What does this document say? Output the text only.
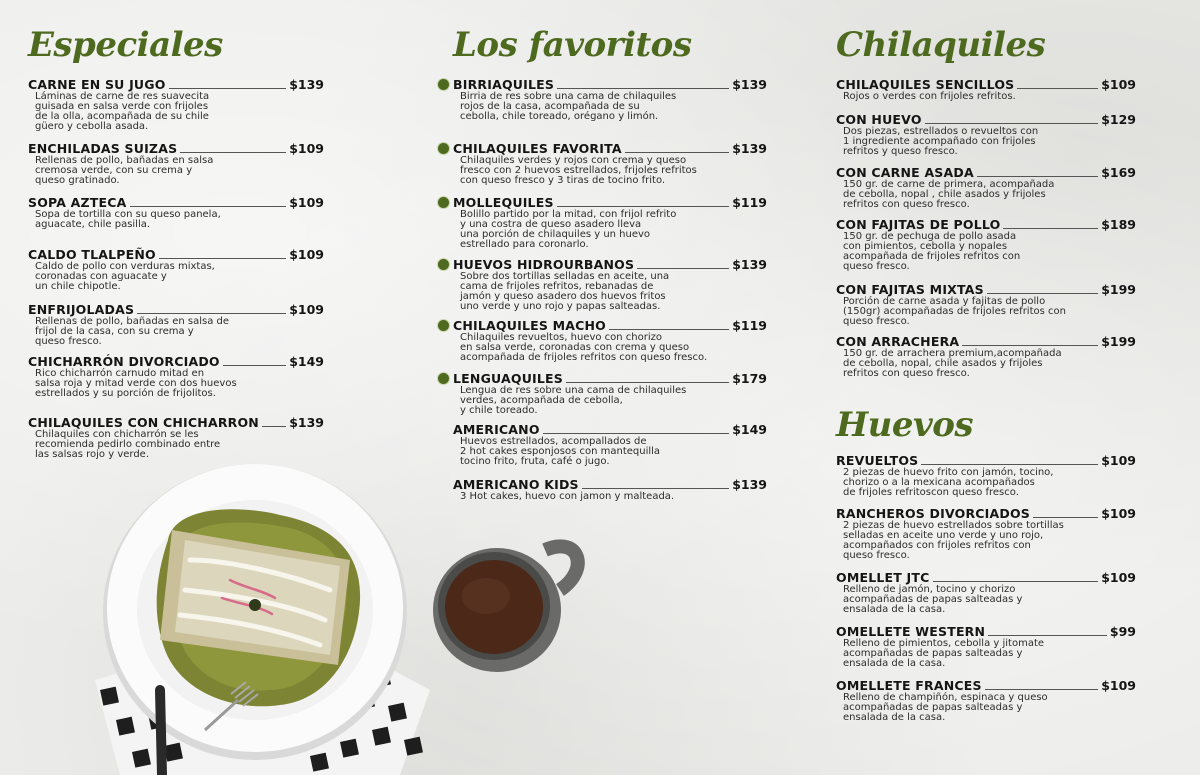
Especiales
CARNE EN SU JUGO	$139
Láminas de carne de res suavecita
guisada en salsa verde con frijoles
de la olla, acompañada de su chile
güero y cebolla asada.
ENCHILADAS SUIZAS	$109
Rellenas de pollo, bañadas en salsa
cremosa verde, con su crema y
queso gratinado.
SOPA AZTECA	$109
Sopa de tortilla con su queso panela,
aguacate, chile pasilla.
CALDO TLALPEÑO	$109
Caldo de pollo con verduras mixtas,
coronadas con aguacate y
un chile chipotle.
ENFRIJOLADAS	$109
Rellenas de pollo, bañadas en salsa de
frijol de la casa, con su crema y
queso fresco.
CHICHARRÓN DIVORCIADO	$149
Rico chicharrón carnudo mitad en
salsa roja y mitad verde con dos huevos
estrellados y su porción de frijolitos.
CHILAQUILES CON CHICHARRON $139
Chilaquiles con chicharrón se les
recomienda pedirlo combinado entre
las salsas rojo y verde.
Los favoritos
BIRRIAQUILES	$139
Birria de res sobre una cama de chilaquiles
rojos de la casa, acompañada de su
cebolla, chile toreado, orégano y limón.
CHILAQUILES FAVORITA	$139
Chilaquiles verdes y rojos con crema y queso
fresco con 2 huevos estrellados, frijoles refritos
con queso fresco y 3 tiras de tocino frito.
MOLLEQUILES	$119
Bolillo partido por la mitad, con frijol refrito
y una costra de queso asadero lleva
una porción de chilaquiles y un huevo
estrellado para coronarlo.
HUEVOS HIDROURBANOS	$139
Sobre dos tortillas selladas en aceite, una
cama de frijoles refritos, rebanadas de
jamón y queso asadero dos huevos fritos
uno verde y uno rojo y papas salteadas.
CHILAQUILES MACHO	$119
Chilaquiles revueltos, huevo con chorizo
en salsa verde, coronadas con crema y queso
acompañada de frijoles refritos con queso fresco.
LENGUAQUILES	$179
Lengua de res sobre una cama de chilaquiles
verdes, acompañada de cebolla,
y chile toreado.
AMERICANO	$149
Huevos estrellados, acompallados de
2 hot cakes esponjosos con mantequilla
tocino frito, fruta, café o jugo.
AMERICANO KIDS	$139
3 Hot cakes, huevo con jamon y malteada.
Chilaquiles
CHILAQUILES SENCILLOS	$109
Rojos o verdes con frijoles refritos.
CON HUEVO	$129
Dos piezas, estrellados o revueltos con
1 ingrediente acompañado con frijoles
refritos y queso fresco.
CON CARNE ASADA	$169
150 gr. de carne de primera, acompañada
de cebolla, nopal , chile asados y frijoles
refritos con queso fresco.
CON FAJITAS DE POLLO	$189
150 gr. de pechuga de pollo asada
con pimientos, cebolla y nopales
acompañada de frijoles refritos con
queso fresco.
CON FAJITAS MIXTAS	$199
Porción de carne asada y fajitas de pollo
(150gr) acompañadas de frijoles refritos con
queso fresco.
CON ARRACHERA	$199
150 gr. de arrachera premium,acompañada
de cebolla, nopal, chile asados y frijoles
refritos con queso fresco.
Huevos
REVUELTOS	$109
2 piezas de huevo frito con jamón, tocino,
chorizo o a la mexicana acompañados
de frijoles refritoscon queso fresco.
RANCHEROS DIVORCIADOS	$109
2 piezas de huevo estrellados sobre tortillas
selladas en aceite uno verde y uno rojo,
acompañados con frijoles refritos con
queso fresco.
OMELLET JTC	$109
Relleno de jamón, tocino y chorizo
acompañadas de papas salteadas y
ensalada de la casa.
OMELLETE WESTERN	$99
Relleno de pimientos, cebolla y jitomate
acompañadas de papas salteadas y
ensalada de la casa.
OMELLETE FRANCES	$109
Relleno de champiñón, espinaca y queso
acompañadas de papas salteadas y
ensalada de la casa.
